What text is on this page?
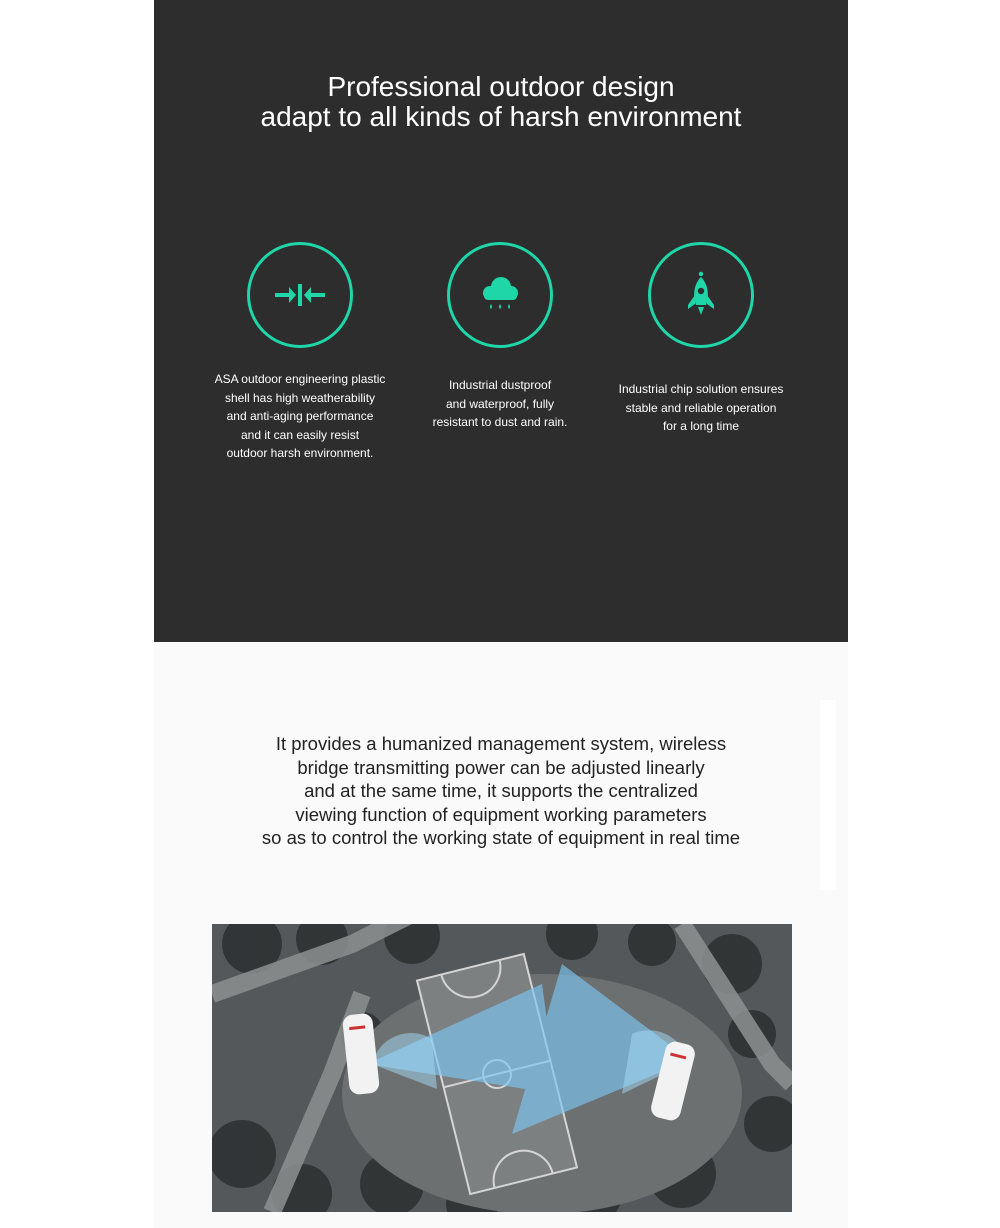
Professional outdoor design
adapt to all kinds of harsh environment

ASA outdoor engineering plastic
shell has high weatherability
and anti-aging performance
and it can easily resist
outdoor harsh environment.

Industrial dustproof
and waterproof, fully
resistant to dust and rain.

Industrial chip solution ensures
stable and reliable operation
for a long time

It provides a humanized management system, wireless
bridge transmitting power can be adjusted linearly
and at the same time, it supports the centralized
viewing function of equipment working parameters
so as to control the working state of equipment in real time
